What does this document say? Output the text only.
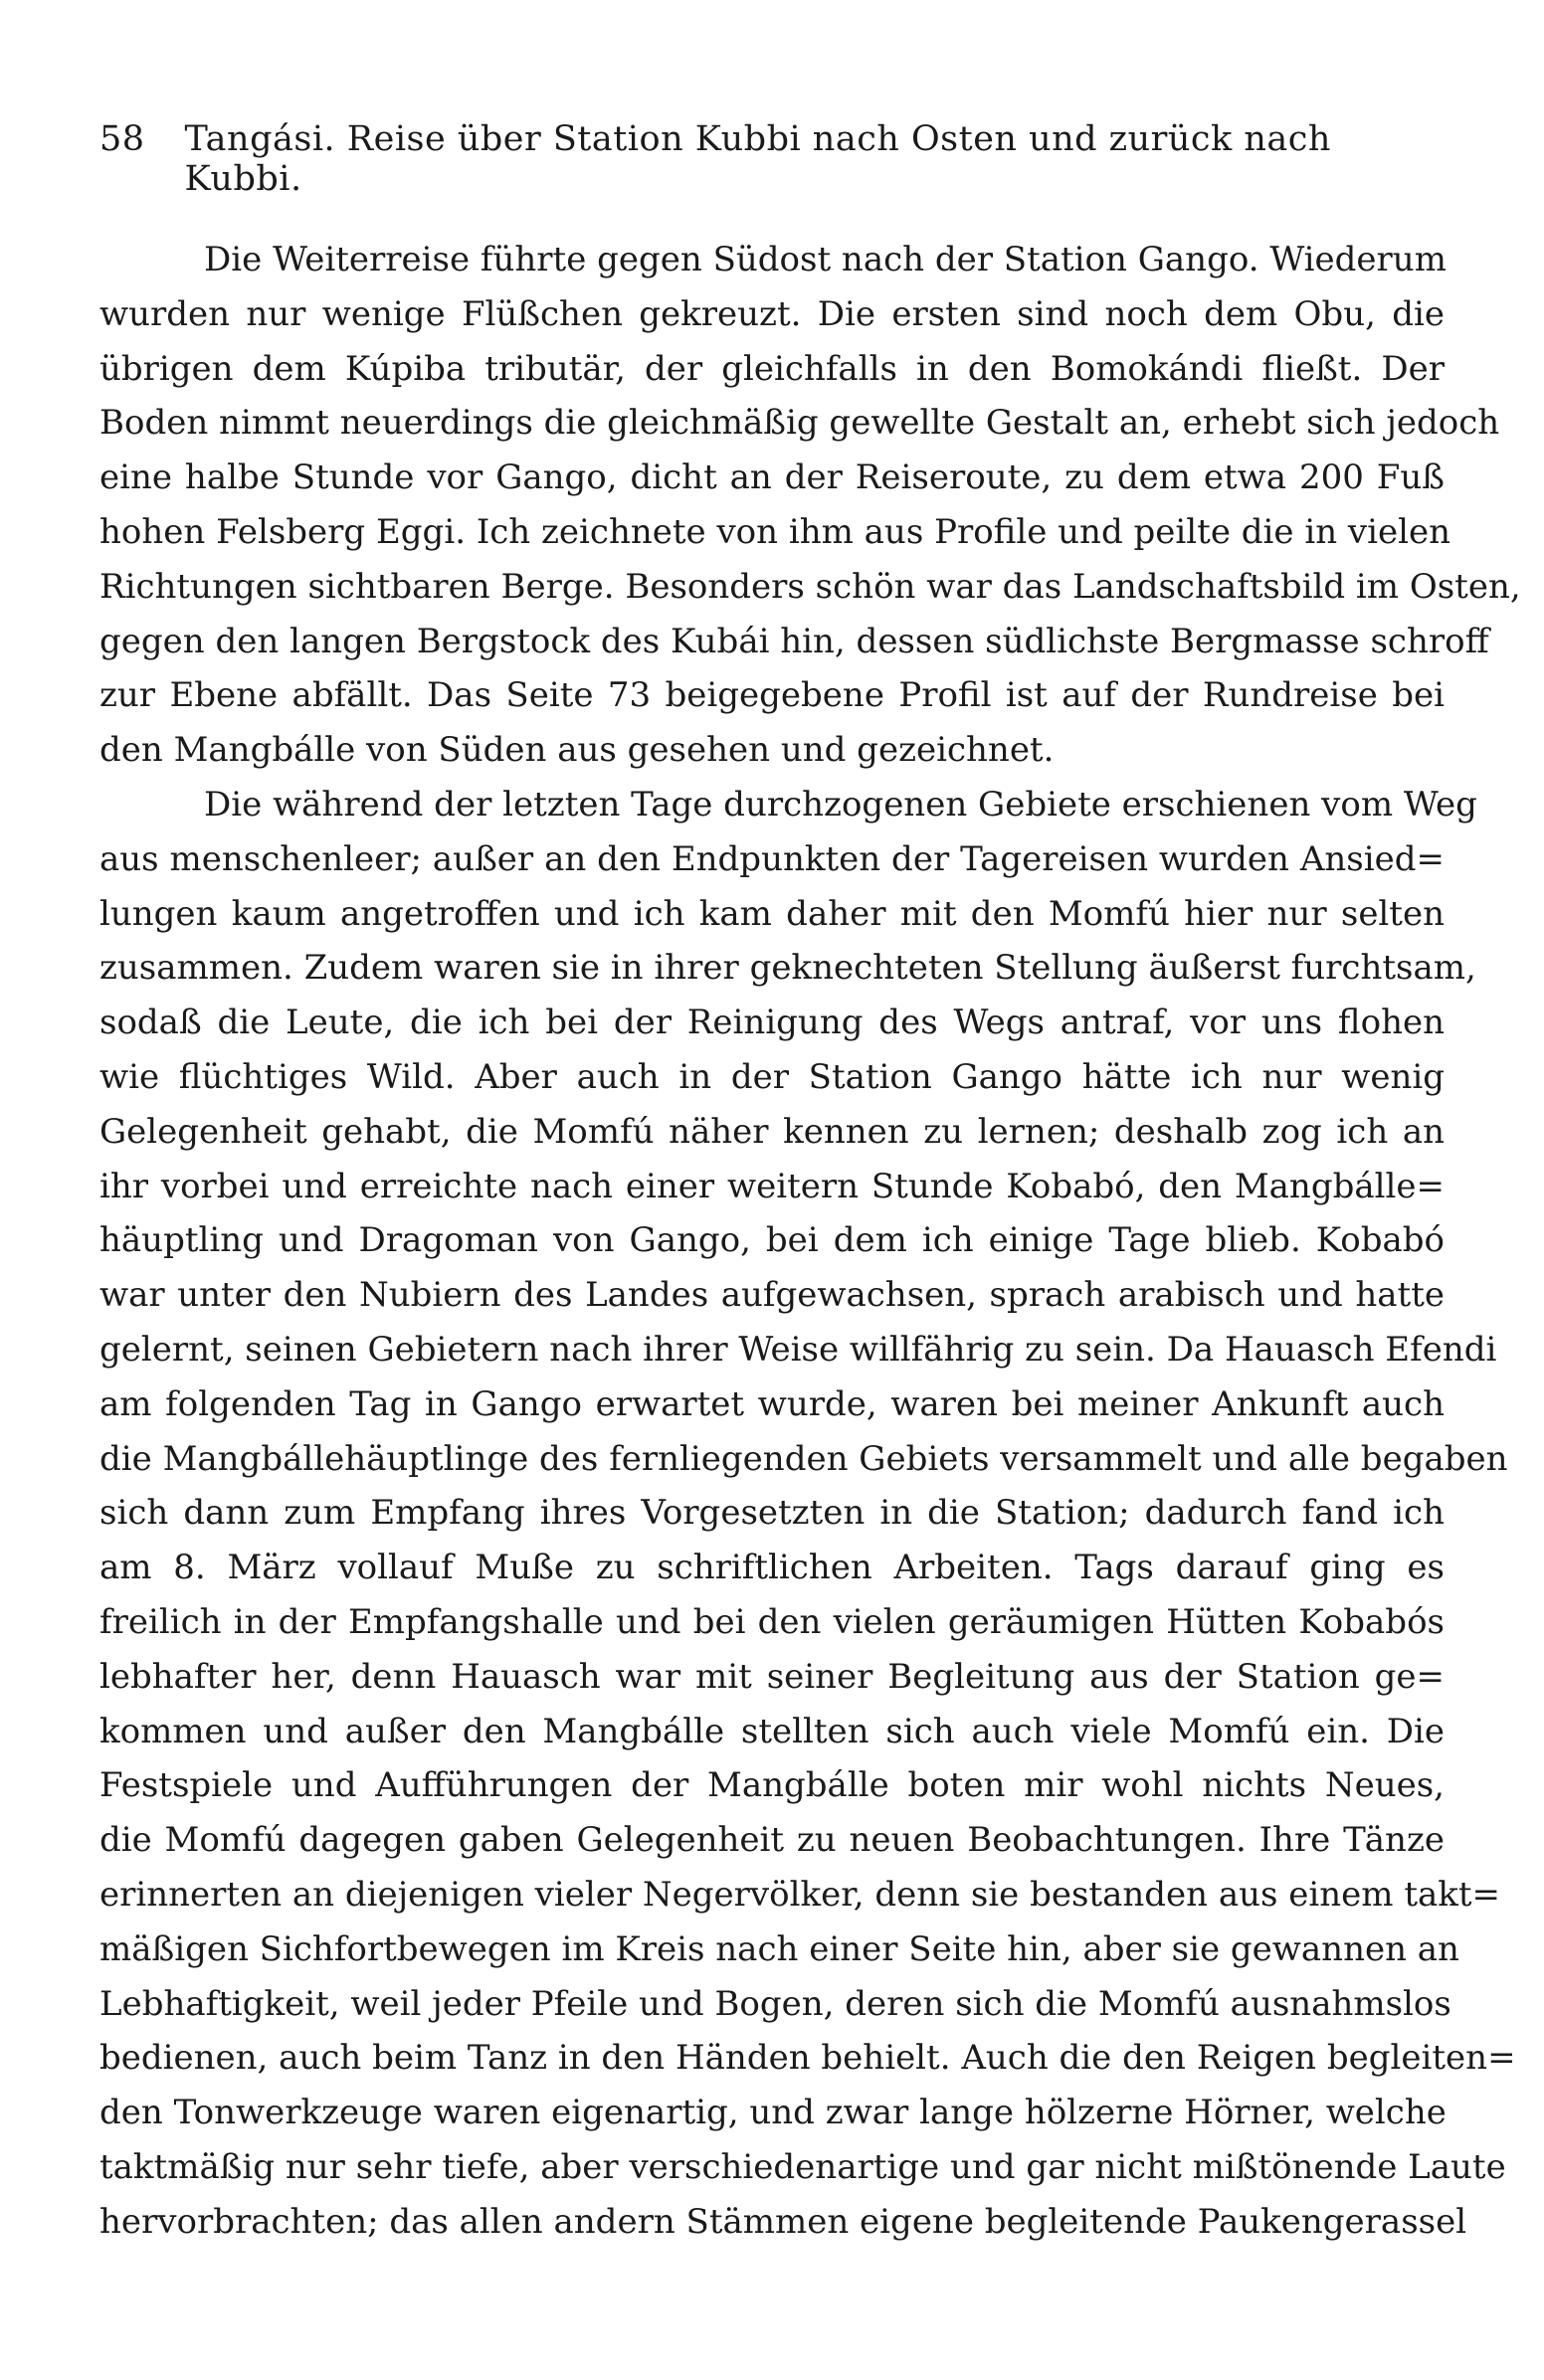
58 Tangási. Reise über Station Kubbi nach Osten und zurück nach Kubbi.
Die Weiterreise führte gegen Südost nach der Station Gango. Wiederum
wurden nur wenige Flüßchen gekreuzt. Die ersten sind noch dem Obu, die
übrigen dem Kúpiba tributär, der gleichfalls in den Bomokándi fließt. Der
Boden nimmt neuerdings die gleichmäßig gewellte Gestalt an, erhebt sich jedoch
eine halbe Stunde vor Gango, dicht an der Reiseroute, zu dem etwa 200 Fuß
hohen Felsberg Eggi. Ich zeichnete von ihm aus Profile und peilte die in vielen
Richtungen sichtbaren Berge. Besonders schön war das Landschaftsbild im Osten,
gegen den langen Bergstock des Kubái hin, dessen südlichste Bergmasse schroff
zur Ebene abfällt. Das Seite 73 beigegebene Profil ist auf der Rundreise bei
den Mangbálle von Süden aus gesehen und gezeichnet.
Die während der letzten Tage durchzogenen Gebiete erschienen vom Weg
aus menschenleer; außer an den Endpunkten der Tagereisen wurden Ansied=
lungen kaum angetroffen und ich kam daher mit den Momfú hier nur selten
zusammen. Zudem waren sie in ihrer geknechteten Stellung äußerst furchtsam,
sodaß die Leute, die ich bei der Reinigung des Wegs antraf, vor uns flohen
wie flüchtiges Wild. Aber auch in der Station Gango hätte ich nur wenig
Gelegenheit gehabt, die Momfú näher kennen zu lernen; deshalb zog ich an
ihr vorbei und erreichte nach einer weitern Stunde Kobabó, den Mangbálle=
häuptling und Dragoman von Gango, bei dem ich einige Tage blieb. Kobabó
war unter den Nubiern des Landes aufgewachsen, sprach arabisch und hatte
gelernt, seinen Gebietern nach ihrer Weise willfährig zu sein. Da Hauasch Efendi
am folgenden Tag in Gango erwartet wurde, waren bei meiner Ankunft auch
die Mangbállehäuptlinge des fernliegenden Gebiets versammelt und alle begaben
sich dann zum Empfang ihres Vorgesetzten in die Station; dadurch fand ich
am 8. März vollauf Muße zu schriftlichen Arbeiten. Tags darauf ging es
freilich in der Empfangshalle und bei den vielen geräumigen Hütten Kobabós
lebhafter her, denn Hauasch war mit seiner Begleitung aus der Station ge=
kommen und außer den Mangbálle stellten sich auch viele Momfú ein. Die
Festspiele und Aufführungen der Mangbálle boten mir wohl nichts Neues,
die Momfú dagegen gaben Gelegenheit zu neuen Beobachtungen. Ihre Tänze
erinnerten an diejenigen vieler Negervölker, denn sie bestanden aus einem takt=
mäßigen Sichfortbewegen im Kreis nach einer Seite hin, aber sie gewannen an
Lebhaftigkeit, weil jeder Pfeile und Bogen, deren sich die Momfú ausnahmslos
bedienen, auch beim Tanz in den Händen behielt. Auch die den Reigen begleiten=
den Tonwerkzeuge waren eigenartig, und zwar lange hölzerne Hörner, welche
taktmäßig nur sehr tiefe, aber verschiedenartige und gar nicht mißtönende Laute
hervorbrachten; das allen andern Stämmen eigene begleitende Paukengerassel
